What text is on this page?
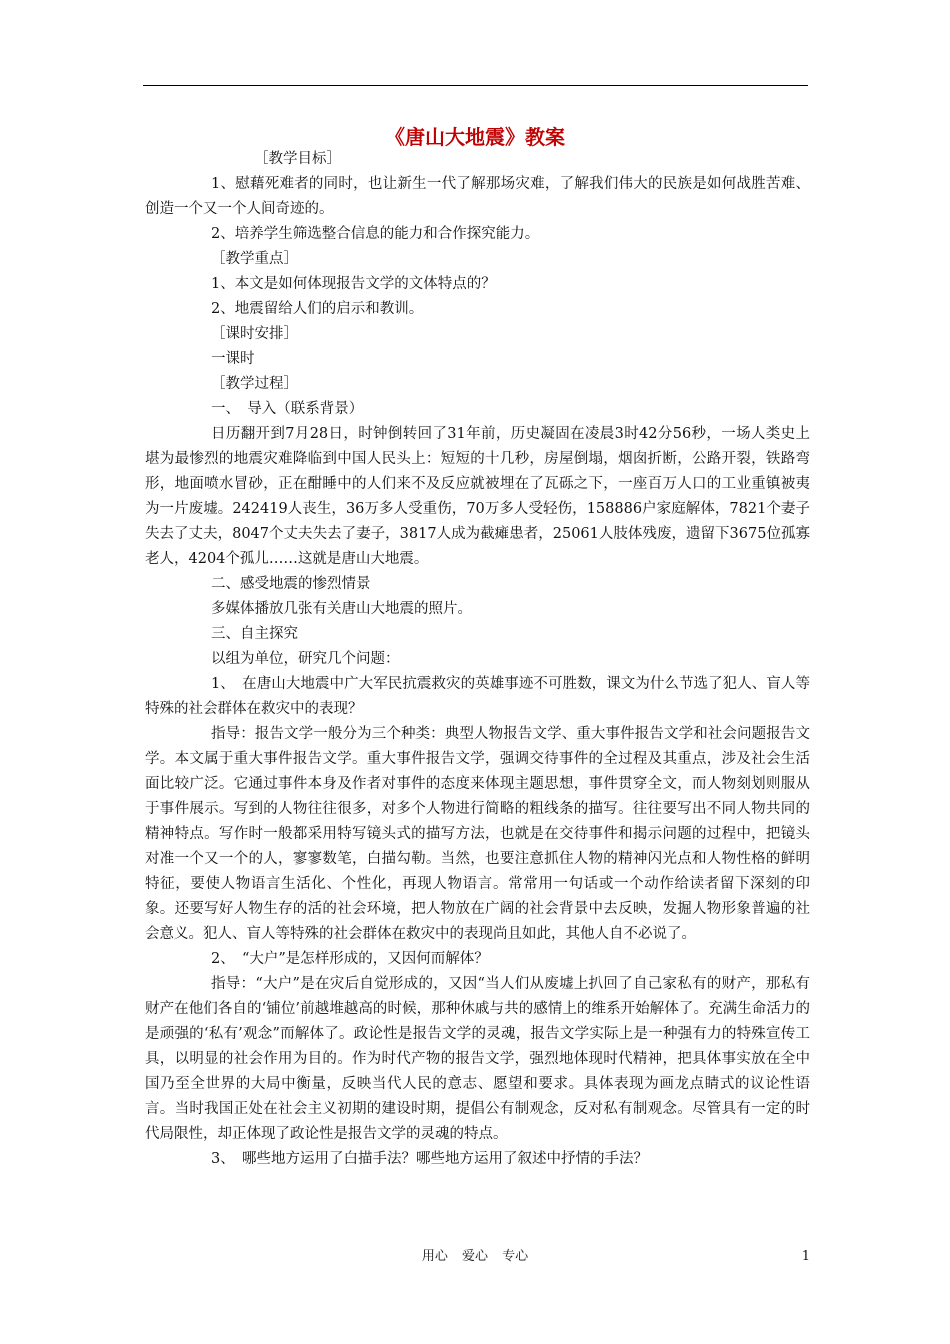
《唐山大地震》教案

［教学目标］

1、慰藉死难者的同时，也让新生一代了解那场灾难，了解我们伟大的民族是如何战胜苦难、创造一个又一个人间奇迹的。

2、培养学生筛选整合信息的能力和合作探究能力。

［教学重点］

1、本文是如何体现报告文学的文体特点的？

2、地震留给人们的启示和教训。

［课时安排］

一课时

［教学过程］

一、　导入（联系背景）

日历翻开到7月28日，时钟倒转回了31年前，历史凝固在凌晨3时42分56秒，一场人类史上堪为最惨烈的地震灾难降临到中国人民头上：短短的十几秒，房屋倒塌，烟囱折断，公路开裂，铁路弯形，地面喷水冒砂，正在酣睡中的人们来不及反应就被埋在了瓦砾之下，一座百万人口的工业重镇被夷为一片废墟。242419人丧生，36万多人受重伤，70万多人受轻伤，158886户家庭解体，7821个妻子失去了丈夫，8047个丈夫失去了妻子，3817人成为截瘫患者，25061人肢体残废，遗留下3675位孤寡老人，4204个孤儿……这就是唐山大地震。

二、感受地震的惨烈情景

多媒体播放几张有关唐山大地震的照片。

三、自主探究

以组为单位，研究几个问题：

1、　在唐山大地震中广大军民抗震救灾的英雄事迹不可胜数，课文为什么节选了犯人、盲人等特殊的社会群体在救灾中的表现？

指导：报告文学一般分为三个种类：典型人物报告文学、重大事件报告文学和社会问题报告文学。本文属于重大事件报告文学。重大事件报告文学，强调交待事件的全过程及其重点，涉及社会生活面比较广泛。它通过事件本身及作者对事件的态度来体现主题思想，事件贯穿全文，而人物刻划则服从于事件展示。写到的人物往往很多，对多个人物进行简略的粗线条的描写。往往要写出不同人物共同的精神特点。写作时一般都采用特写镜头式的描写方法，也就是在交待事件和揭示问题的过程中，把镜头对准一个又一个的人，寥寥数笔，白描勾勒。当然，也要注意抓住人物的精神闪光点和人物性格的鲜明特征，要使人物语言生活化、个性化，再现人物语言。常常用一句话或一个动作给读者留下深刻的印象。还要写好人物生存的活的社会环境，把人物放在广阔的社会背景中去反映，发掘人物形象普遍的社会意义。犯人、盲人等特殊的社会群体在救灾中的表现尚且如此，其他人自不必说了。

2、　“大户”是怎样形成的，又因何而解体？

指导：“大户”是在灾后自觉形成的，又因“当人们从废墟上扒回了自己家私有的财产，那私有财产在他们各自的‘铺位’前越堆越高的时候，那种休戚与共的感情上的维系开始解体了。充满生命活力的是顽强的‘私有’观念”而解体了。政论性是报告文学的灵魂，报告文学实际上是一种强有力的特殊宣传工具，以明显的社会作用为目的。作为时代产物的报告文学，强烈地体现时代精神，把具体事实放在全中国乃至全世界的大局中衡量，反映当代人民的意志、愿望和要求。具体表现为画龙点睛式的议论性语言。当时我国正处在社会主义初期的建设时期，提倡公有制观念，反对私有制观念。尽管具有一定的时代局限性，却正体现了政论性是报告文学的灵魂的特点。

3、　哪些地方运用了白描手法？哪些地方运用了叙述中抒情的手法？

用心 爱心 专心	1
